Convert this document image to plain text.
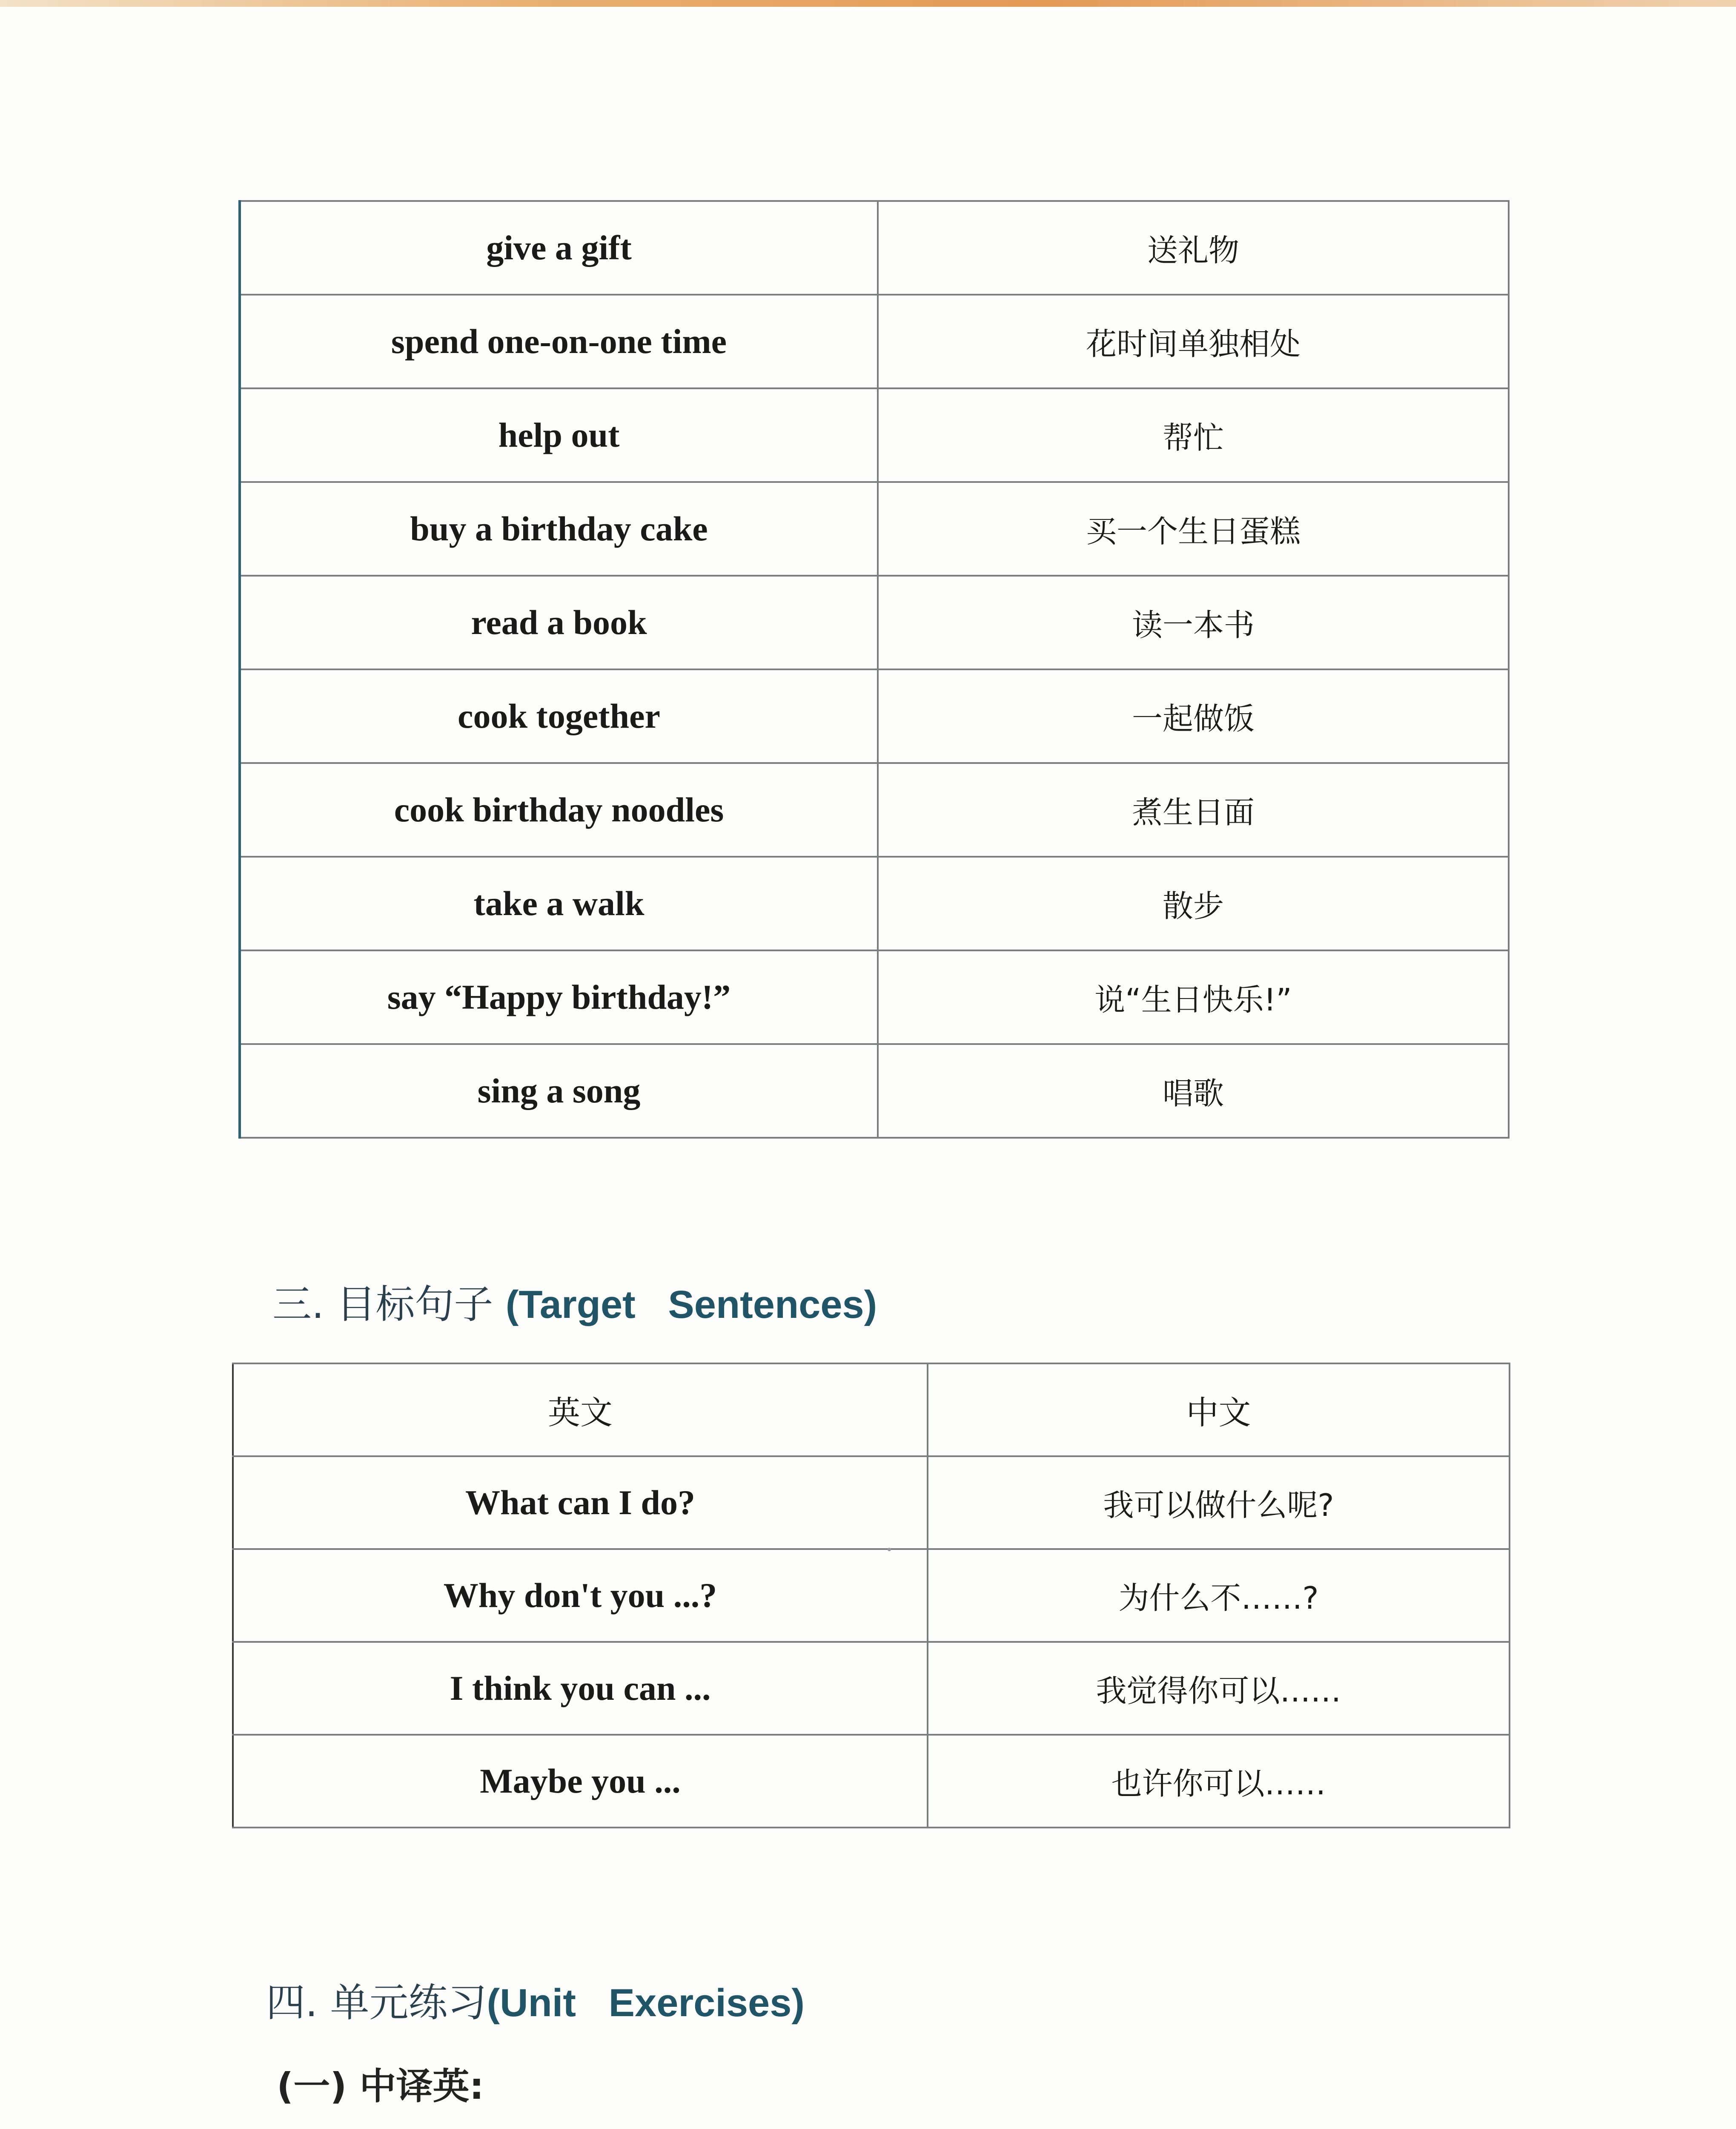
give a gift	送礼物
spend one-on-one time	花时间单独相处
help out	帮忙
buy a birthday cake	买一个生日蛋糕
read a book	读一本书
cook together	一起做饭
cook birthday noodles	煮生日面
take a walk	散步
say “Happy birthday!”	说“生日快乐!”
sing a song	唱歌
三. 目标句子 (Target   Sentences)
英文	中文
What can I do?	我可以做什么呢?
Why don't you ...?	为什么不……?
I think you can ...	我觉得你可以……
Maybe you ...	也许你可以……
四. 单元练习(Unit   Exercises)
(一) 中译英:
